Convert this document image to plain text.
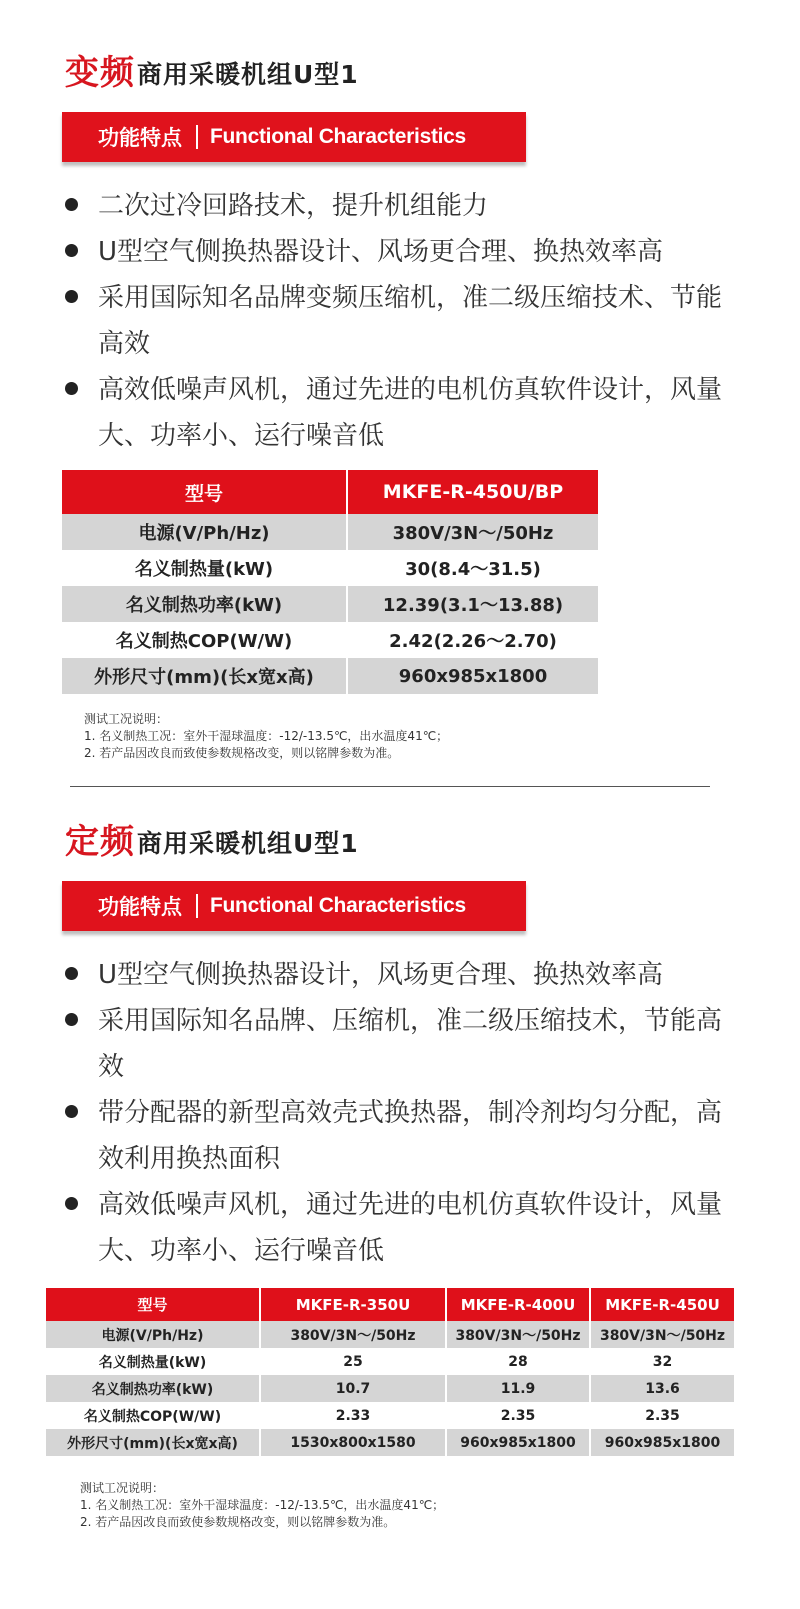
变频 商用采暖机组U型1
功能特点 Functional Characteristics
二次过冷回路技术，提升机组能力
U型空气侧换热器设计、风场更合理、换热效率高
采用国际知名品牌变频压缩机，准二级压缩技术、节能高效
高效低噪声风机，通过先进的电机仿真软件设计，风量大、功率小、运行噪音低
型号	MKFE-R-450U/BP
电源(V/Ph/Hz)	380V/3N～/50Hz
名义制热量(kW)	30(8.4～31.5)
名义制热功率(kW)	12.39(3.1～13.88)
名义制热COP(W/W)	2.42(2.26～2.70)
外形尺寸(mm)(长x宽x高)	960x985x1800
测试工况说明：
1. 名义制热工况：室外干湿球温度：-12/-13.5℃，出水温度41℃；
2. 若产品因改良而致使参数规格改变，则以铭牌参数为准。
定频 商用采暖机组U型1
功能特点 Functional Characteristics
U型空气侧换热器设计，风场更合理、换热效率高
采用国际知名品牌、压缩机，准二级压缩技术，节能高效
带分配器的新型高效壳式换热器，制冷剂均匀分配，高效利用换热面积
高效低噪声风机，通过先进的电机仿真软件设计，风量大、功率小、运行噪音低
型号	MKFE-R-350U	MKFE-R-400U	MKFE-R-450U
电源(V/Ph/Hz)	380V/3N～/50Hz	380V/3N～/50Hz	380V/3N～/50Hz
名义制热量(kW)	25	28	32
名义制热功率(kW)	10.7	11.9	13.6
名义制热COP(W/W)	2.33	2.35	2.35
外形尺寸(mm)(长x宽x高)	1530x800x1580	960x985x1800	960x985x1800
测试工况说明：
1. 名义制热工况：室外干湿球温度：-12/-13.5℃，出水温度41℃；
2. 若产品因改良而致使参数规格改变，则以铭牌参数为准。
